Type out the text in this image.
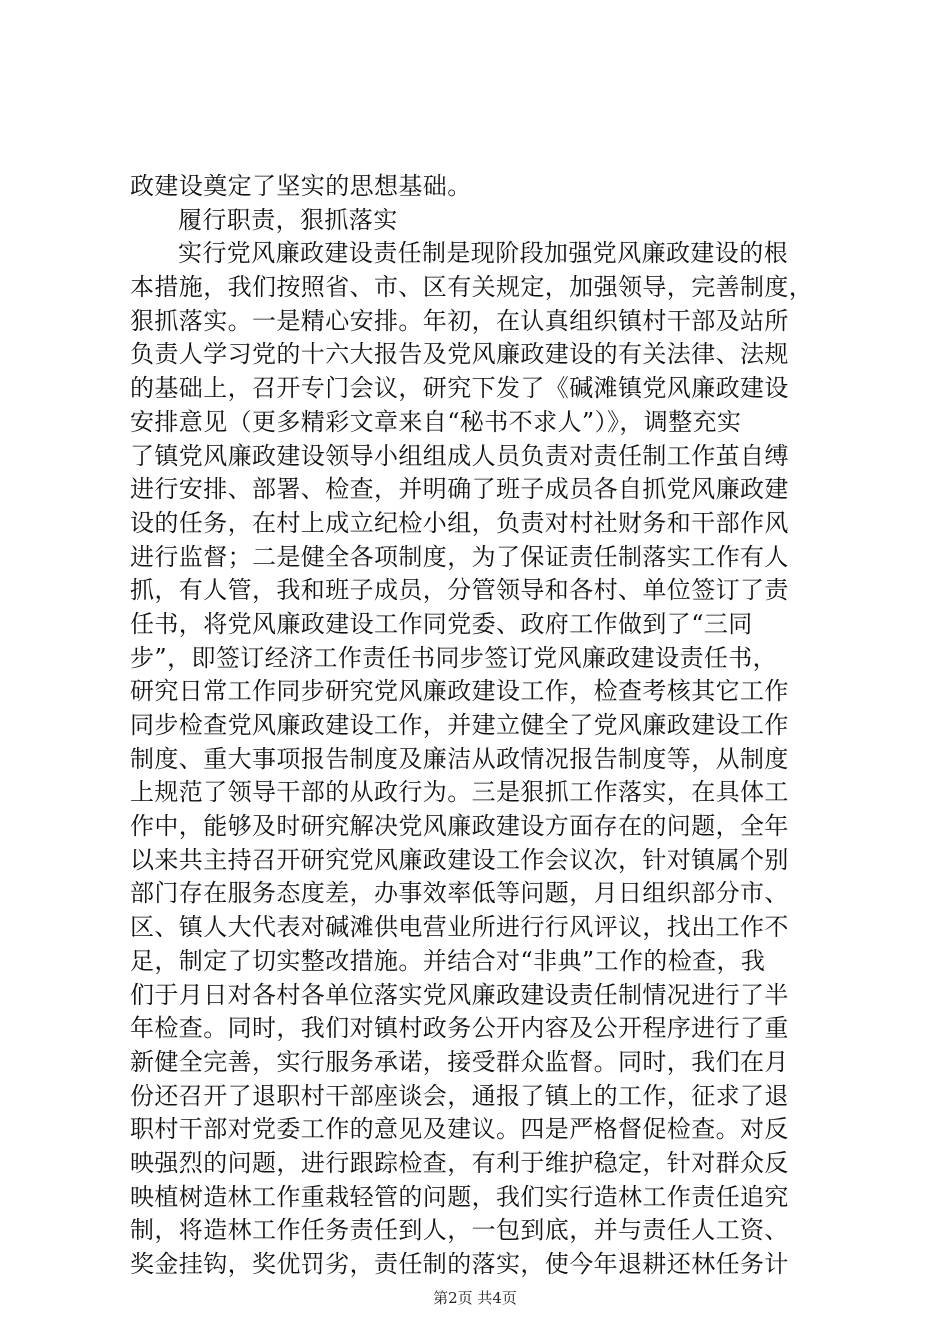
政建设奠定了坚实的思想基础。
履行职责，狠抓落实
实行党风廉政建设责任制是现阶段加强党风廉政建设的根
本措施，我们按照省、市、区有关规定，加强领导，完善制度，
狠抓落实。一是精心安排。年初，在认真组织镇村干部及站所
负责人学习党的十六大报告及党风廉政建设的有关法律、法规
的基础上，召开专门会议，研究下发了《碱滩镇党风廉政建设
安排意见（更多精彩文章来自“秘书不求人”）》，调整充实
了镇党风廉政建设领导小组组成人员负责对责任制工作茧自缚
进行安排、部署、检查，并明确了班子成员各自抓党风廉政建
设的任务，在村上成立纪检小组，负责对村社财务和干部作风
进行监督；二是健全各项制度，为了保证责任制落实工作有人
抓，有人管，我和班子成员，分管领导和各村、单位签订了责
任书，将党风廉政建设工作同党委、政府工作做到了“三同
步”，即签订经济工作责任书同步签订党风廉政建设责任书，
研究日常工作同步研究党风廉政建设工作，检查考核其它工作
同步检查党风廉政建设工作，并建立健全了党风廉政建设工作
制度、重大事项报告制度及廉洁从政情况报告制度等，从制度
上规范了领导干部的从政行为。三是狠抓工作落实，在具体工
作中，能够及时研究解决党风廉政建设方面存在的问题，全年
以来共主持召开研究党风廉政建设工作会议次，针对镇属个别
部门存在服务态度差，办事效率低等问题，月日组织部分市、
区、镇人大代表对碱滩供电营业所进行行风评议，找出工作不
足，制定了切实整改措施。并结合对“非典”工作的检查，我
们于月日对各村各单位落实党风廉政建设责任制情况进行了半
年检查。同时，我们对镇村政务公开内容及公开程序进行了重
新健全完善，实行服务承诺，接受群众监督。同时，我们在月
份还召开了退职村干部座谈会，通报了镇上的工作，征求了退
职村干部对党委工作的意见及建议。四是严格督促检查。对反
映强烈的问题，进行跟踪检查，有利于维护稳定，针对群众反
映植树造林工作重栽轻管的问题，我们实行造林工作责任追究
制，将造林工作任务责任到人，一包到底，并与责任人工资、
奖金挂钩，奖优罚劣，责任制的落实，使今年退耕还林任务计
第2页 共4页
